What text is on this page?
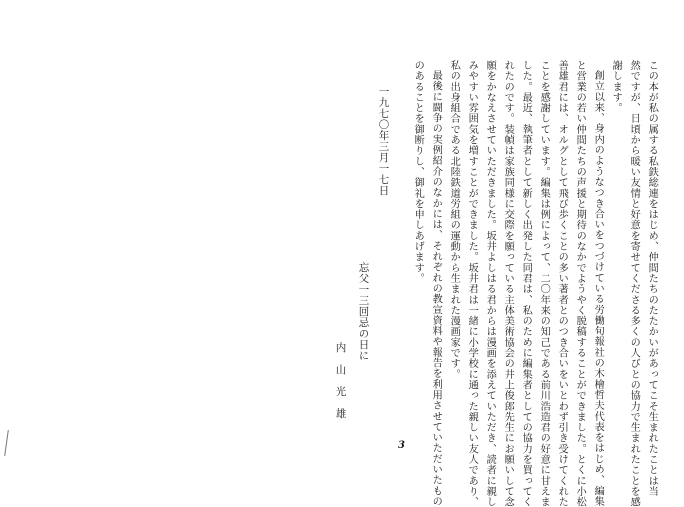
この本が私の属する私鉄総連をはじめ、仲間たちのたたかいがあってこそ生まれたことは当
然ですが、日頃から暖い友情と好意を寄せてくださる多くの人びとの協力で生まれたことを感
謝します。
創立以来、身内のようなつき合いをつづけている労働旬報社の木檜哲夫代表をはじめ、編集
と営業の若い仲間たちの声援と期待のなかでようやく脱稿することができました。とくに小松
善雄君には、オルグとして飛び歩くことの多い著者とのつき合いをいとわず引き受けてくれた
ことを感謝しています。編集は例によって、二〇年来の知己である前川浩造君の好意に甘えま
した。最近、執筆者として新しく出発した同君は、私のために編集者としての協力を買ってく
れたのです。装幀は家族同様に交際を願っている主体美術協会の井上俊郎先生にお願いして念
願をかなえさせていただきました。坂井よしはる君からは漫画を添えていただき、読者に親し
みやすい雰囲気を増すことができました。坂井君は一緒に小学校に通った親しい友人であり、
私の出身組合である北陸鉄道労組の運動から生まれた漫画家です。
最後に闘争の実例紹介のなかには、それぞれの教宣資料や報告を利用させていただいたもの
のあることを御断りし、御礼を申しあげます。
一九七〇年三月一七日
忘父一三回忌の日に
内　山　光　雄
3
